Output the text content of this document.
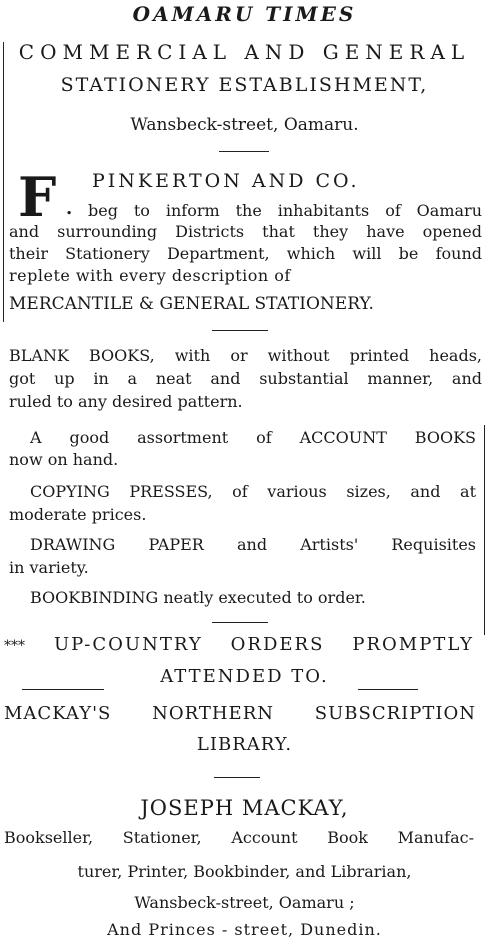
OAMARU TIMES
COMMERCIAL AND GENERAL
STATIONERY ESTABLISHMENT,
Wansbeck-street, Oamaru.
F .
PINKERTON AND CO.
beg to inform the inhabitants of Oamaru
and surrounding Districts that they have opened
their Stationery Department, which will be found
replete with every description of
MERCANTILE & GENERAL STATIONERY.
BLANK BOOKS, with or without printed heads,
got up in a neat and substantial manner, and
ruled to any desired pattern.
A good assortment of ACCOUNT BOOKS
now on hand.
COPYING PRESSES, of various sizes, and at
moderate prices.
DRAWING PAPER and Artists' Requisites
in variety.
BOOKBINDING neatly executed to order.
*** UP-COUNTRY ORDERS PROMPTLY
ATTENDED TO.
MACKAY'S NORTHERN SUBSCRIPTION
LIBRARY.
JOSEPH MACKAY,
Bookseller, Stationer, Account Book Manufac-
turer, Printer, Bookbinder, and Librarian,
Wansbeck-street, Oamaru ;
And Princes - street, Dunedin.
